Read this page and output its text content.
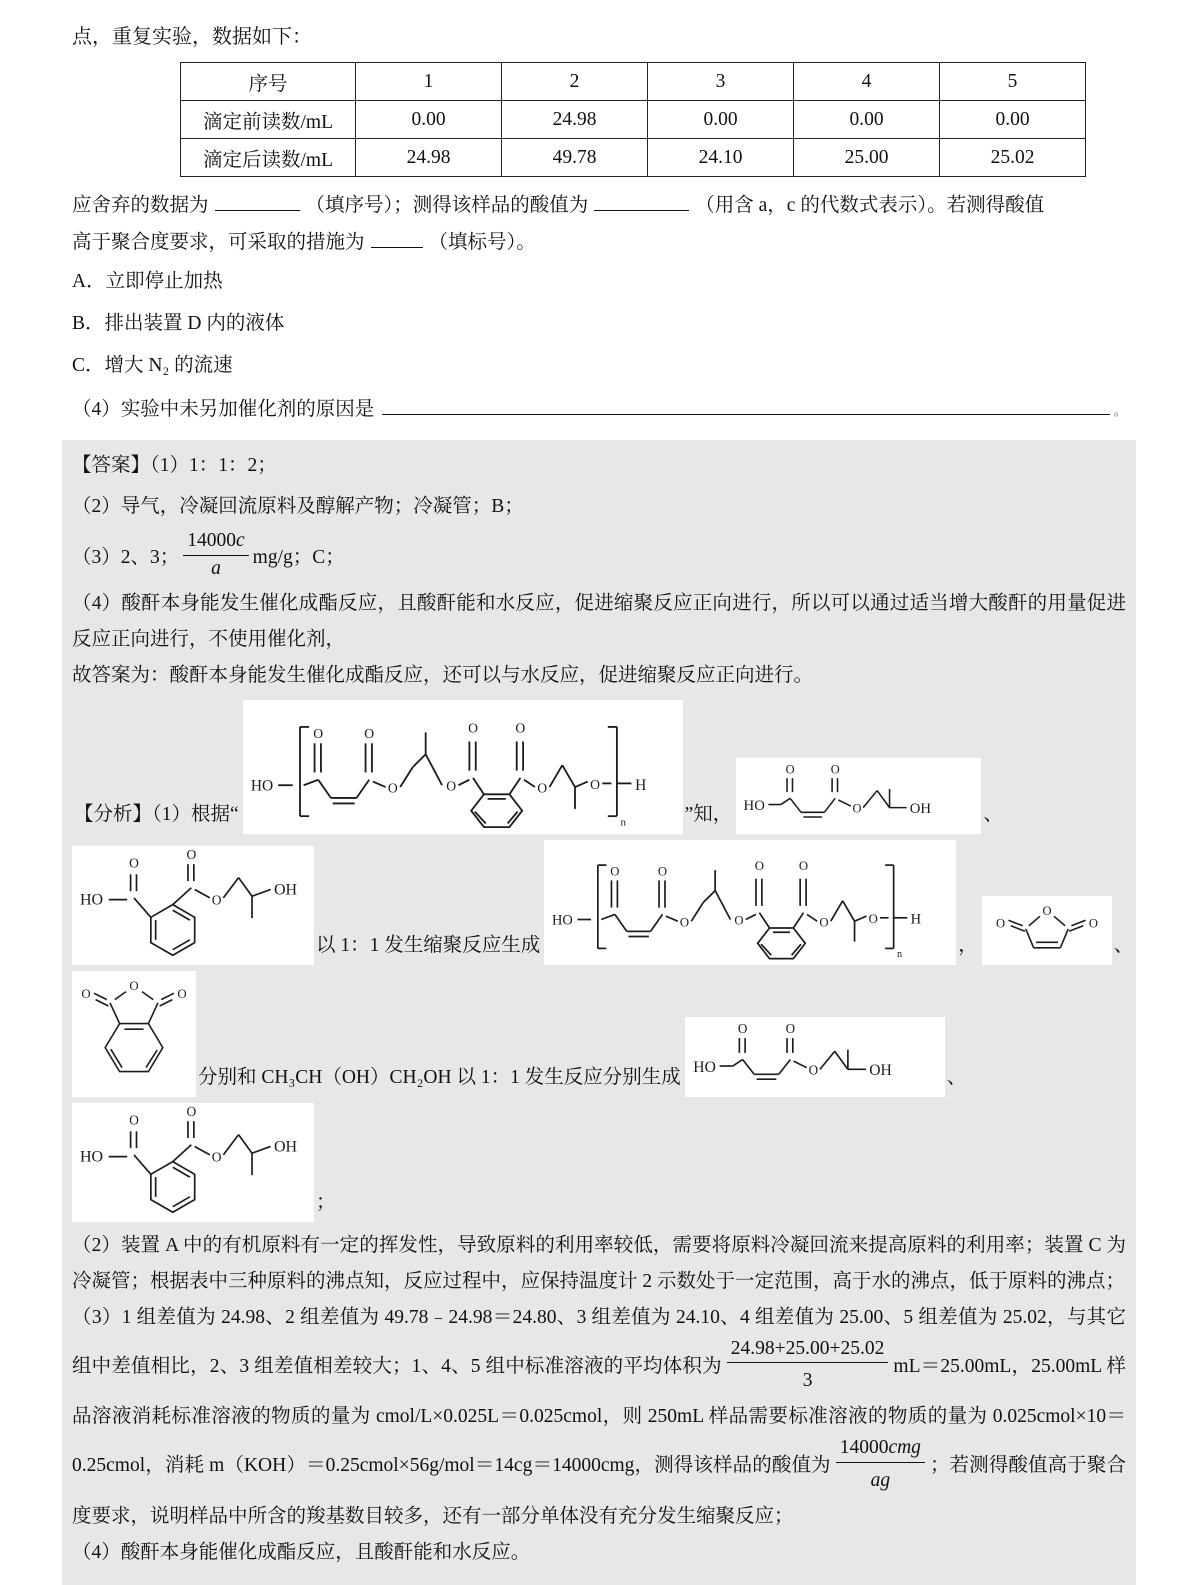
点，重复实验，数据如下：

序号	1	2	3	4	5
滴定前读数/mL	0.00	24.98	0.00	0.00	0.00
滴定后读数/mL	24.98	49.78	24.10	25.00	25.02

应舍弃的数据为	（填序号）；测得该样品的酸值为	（用含 a，c 的代数式表示）。若测得酸值
高于聚合度要求，可采取的措施为	（填标号）。

A．立即停止加热
B．排出装置 D 内的液体
C．增大 N₂ 的流速
（4）实验中未另加催化剂的原因是	。

【答案】（1）1：1：2；

（2）导气，冷凝回流原料及醇解产物；冷凝管；B；

（3）2、3； $\frac{14000c}{a} mg/g$；C；

（4）酸酐本身能发生催化成酯反应，且酸酐能和水反应，促进缩聚反应正向进行，所以可以通过适当增大酸酐的用量促进反应正向进行，不使用催化剂，

故答案为：酸酐本身能发生催化成酯反应，还可以与水反应，促进缩聚反应正向进行。

【分析】（1）根据“	”知，	、
以 1：1 发生缩聚反应生成	，	、
分别和 CH₃CH（OH）CH₂OH 以 1：1 发生反应分别生成	、
；

（2）装置 A 中的有机原料有一定的挥发性，导致原料的利用率较低，需要将原料冷凝回流来提高原料的利用率；装置 C 为冷凝管；根据表中三种原料的沸点知，反应过程中，应保持温度计 2 示数处于一定范围，高于水的沸点，低于原料的沸点；

（3）1 组差值为 24.98、2 组差值为 49.78﹣24.98＝24.80、3 组差值为 24.10、4 组差值为 25.00、5 组差值为 25.02，与其它组中差值相比，2、3 组差值相差较大；1、4、5 组中标准溶液的平均体积为 $\frac{24.98+25.00+25.02}{3} mL=25.00mL$，25.00mL 样品溶液消耗标准溶液的物质的量为 cmol/L×0.025L＝0.025cmol，则 250mL 样品需要标准溶液的物质的量为 0.025cmol×10＝0.25cmol，消耗 m（KOH）＝0.25cmol×56g/mol＝14cg＝14000cmg，测得该样品的酸值为
14000cmg
ag
；若测得酸值高于聚合度要求，说明样品中所含的羧基数目较多，还有一部分单体没有充分发生缩聚反应；

（4）酸酐本身能催化成酯反应，且酸酐能和水反应。
